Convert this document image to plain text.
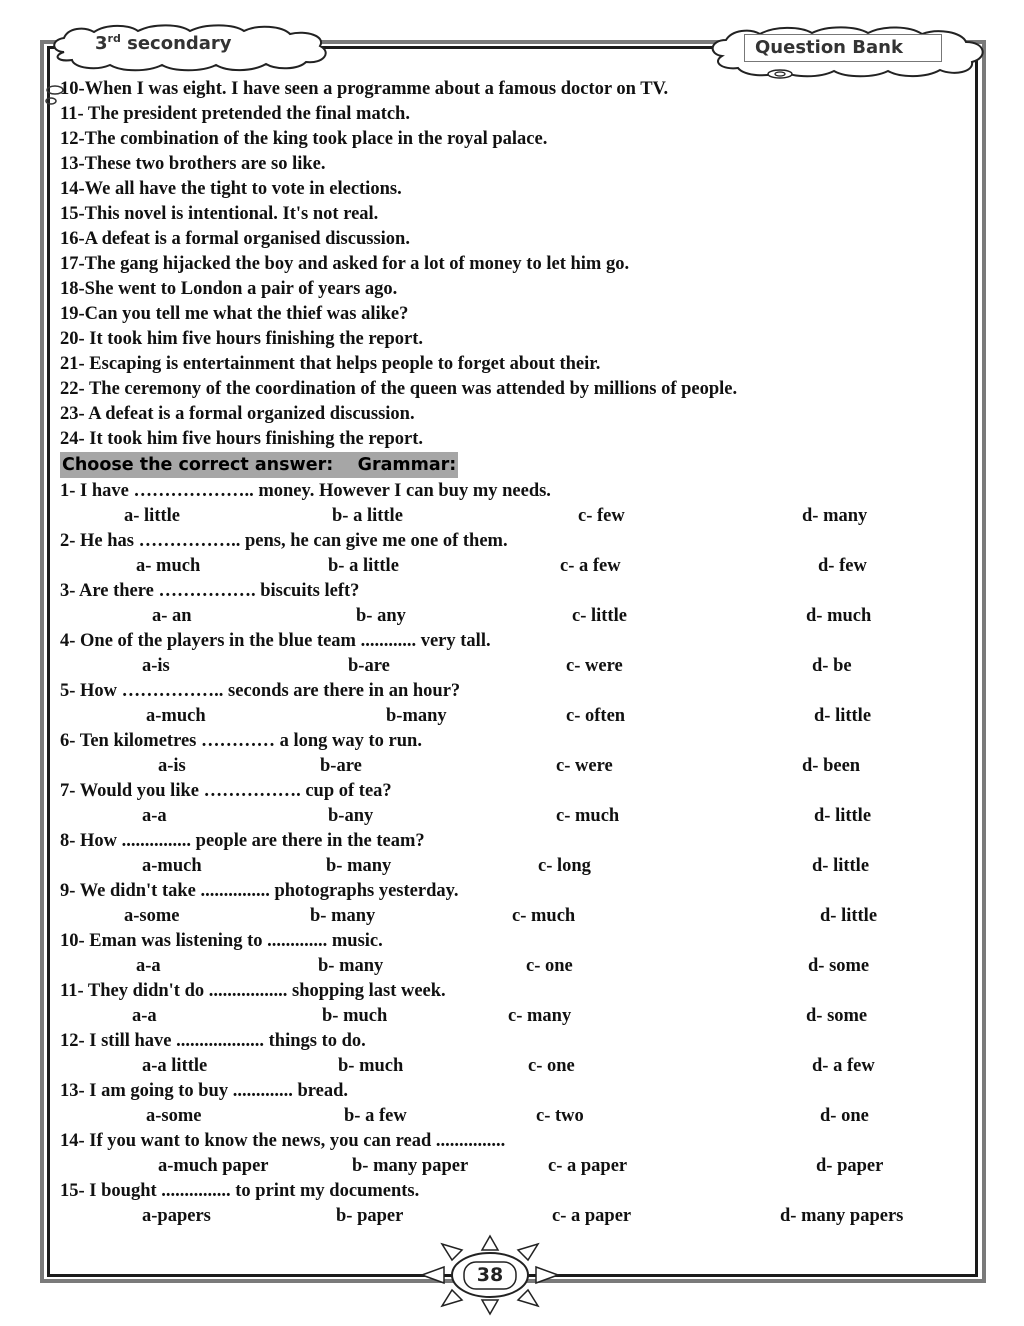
3rd secondary	Question Bank
10-When I was eight. I have seen a programme about a famous doctor on TV.
11- The president pretended the final match.
12-The combination of the king took place in the royal palace.
13-These two brothers are so like.
14-We all have the tight to vote in elections.
15-This novel is intentional. It's not real.
16-A defeat is a formal organised discussion.
17-The gang hijacked the boy and asked for a lot of money to let him go.
18-She went to London a pair of years ago.
19-Can you tell me what the thief was alike?
20- It took him five hours finishing the report.
21- Escaping is entertainment that helps people to forget about their.
22- The ceremony of the coordination of the queen was attended by millions of people.
23- A defeat is a formal organized discussion.
24- It took him five hours finishing the report.
Choose the correct answer:    Grammar:
1- I have ……………….. money. However I can buy my needs.
a- little	b- a little	c- few	d- many
2- He has …………….. pens, he can give me one of them.
a- much	b- a little	c- a few	d- few
3- Are there ……………. biscuits left?
a- an	b- any	c- little	d- much
4- One of the players in the blue team ............ very tall.
a-is	b-are	c- were	d- be
5- How …………….. seconds are there in an hour?
a-much	b-many	c- often	d- little
6- Ten kilometres ………… a long way to run.
a-is	b-are	c- were	d- been
7- Would you like ……………. cup of tea?
a-a	b-any	c- much	d- little
8- How ............... people are there in the team?
a-much	b- many	c- long	d- little
9- We didn't take ............... photographs yesterday.
a-some	b- many	c- much	d- little
10- Eman was listening to ............. music.
a-a	b- many	c- one	d- some
11- They didn't do ................. shopping last week.
a-a	b- much	c- many	d- some
12- I still have ................... things to do.
a-a little	b- much	c- one	d- a few
13- I am going to buy ............. bread.
a-some	b- a few	c- two	d- one
14- If you want to know the news, you can read ...............
a-much paper	b- many paper	c- a paper	d- paper
15- I bought ............... to print my documents.
a-papers	b- paper	c- a paper	d- many papers
38
